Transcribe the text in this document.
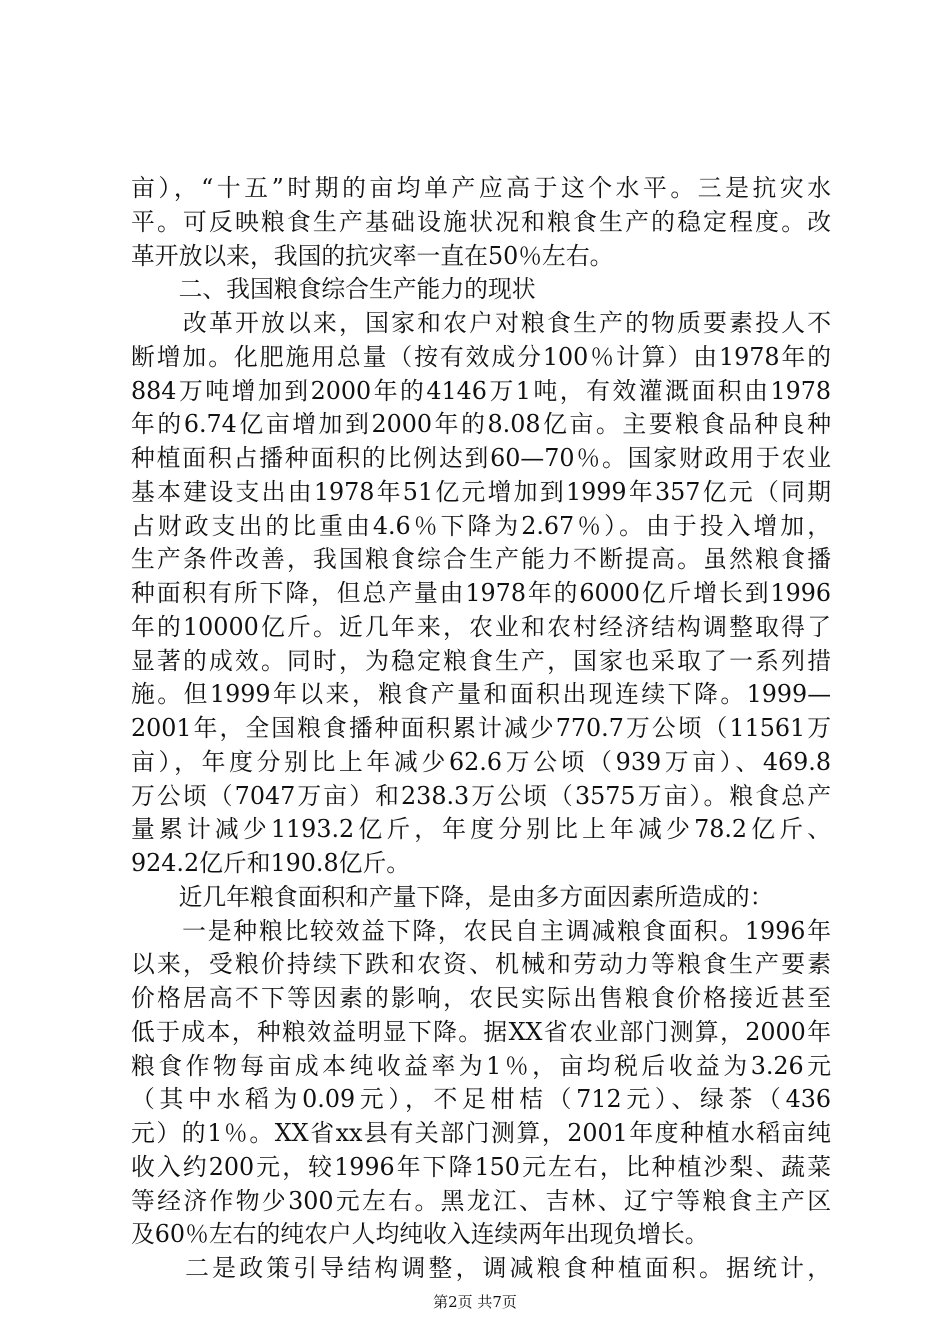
亩），“十五”时期的亩均单产应高于这个水平。三是抗灾水
平。可反映粮食生产基础设施状况和粮食生产的稳定程度。改
革开放以来，我国的抗灾率一直在50％左右。
　　二、我国粮食综合生产能力的现状
　　改革开放以来，国家和农户对粮食生产的物质要素投人不
断增加。化肥施用总量（按有效成分100％计算）由1978年的
884万吨增加到2000年的4146万1吨，有效灌溉面积由1978
年的6.74亿亩增加到2000年的8.08亿亩。主要粮食品种良种
种植面积占播种面积的比例达到60—70％。国家财政用于农业
基本建设支出由1978年51亿元增加到1999年357亿元（同期
占财政支出的比重由4.6％下降为2.67％）。由于投入增加，
生产条件改善，我国粮食综合生产能力不断提高。虽然粮食播
种面积有所下降，但总产量由1978年的6000亿斤增长到1996
年的10000亿斤。近几年来，农业和农村经济结构调整取得了
显著的成效。同时，为稳定粮食生产，国家也采取了一系列措
施。但1999年以来，粮食产量和面积出现连续下降。1999—
2001年，全国粮食播种面积累计减少770.7万公顷（11561万
亩），年度分别比上年减少62.6万公顷（939万亩）、469.8
万公顷（7047万亩）和238.3万公顷（3575万亩）。粮食总产
量累计减少1193.2亿斤，年度分别比上年减少78.2亿斤、
924.2亿斤和190.8亿斤。
　　近几年粮食面积和产量下降，是由多方面因素所造成的：
　　一是种粮比较效益下降，农民自主调减粮食面积。1996年
以来，受粮价持续下跌和农资、机械和劳动力等粮食生产要素
价格居高不下等因素的影响，农民实际出售粮食价格接近甚至
低于成本，种粮效益明显下降。据XX省农业部门测算，2000年
粮食作物每亩成本纯收益率为1％，亩均税后收益为3.26元
（其中水稻为0.09元），不足柑桔（712元）、绿茶（436
元）的1％。XX省xx县有关部门测算，2001年度种植水稻亩纯
收入约200元，较1996年下降150元左右，比种植沙梨、蔬菜
等经济作物少300元左右。黑龙江、吉林、辽宁等粮食主产区
及60％左右的纯农户人均纯收入连续两年出现负增长。
　　二是政策引导结构调整，调减粮食种植面积。据统计，
第2页 共7页
